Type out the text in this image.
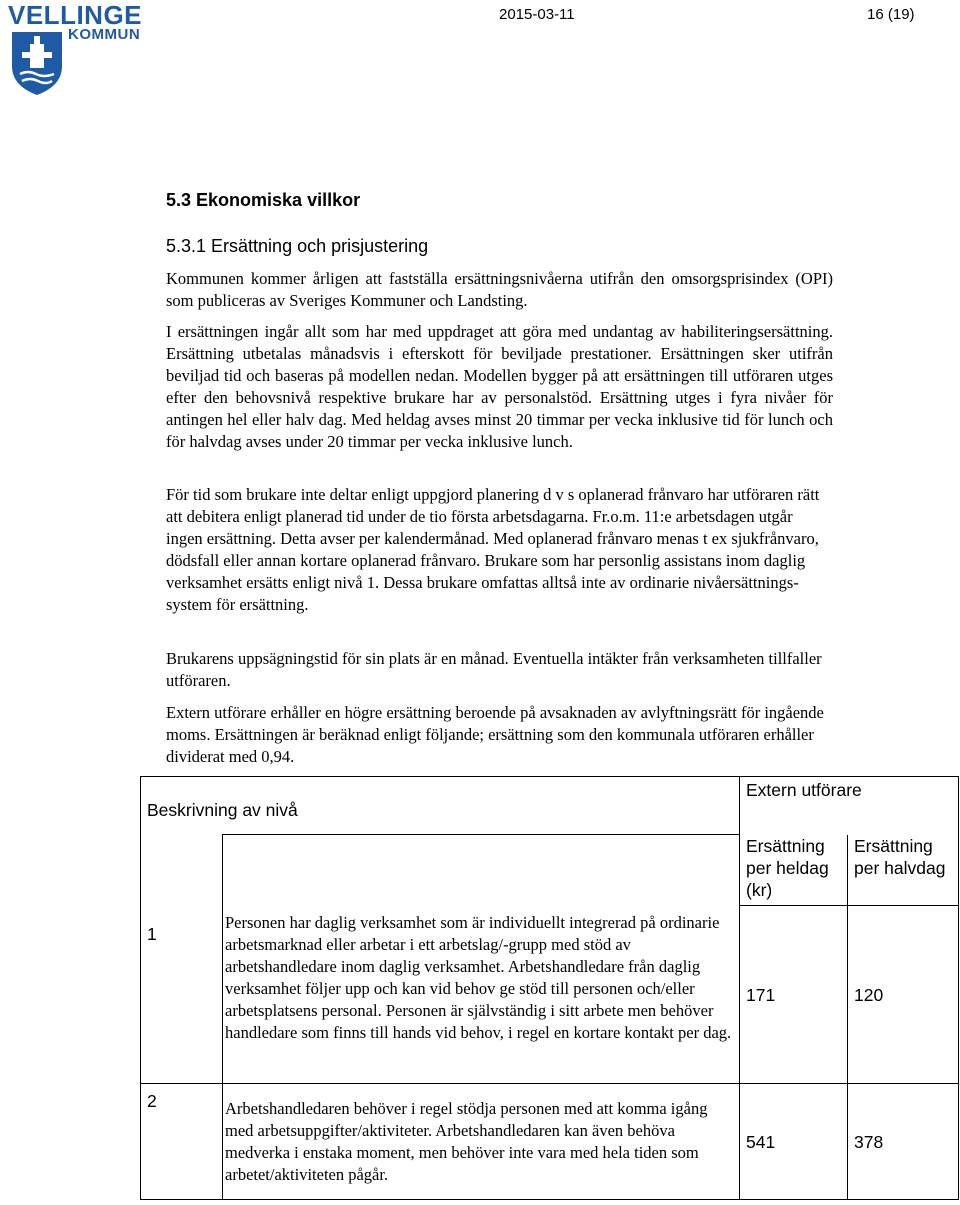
VELLINGE
KOMMUN
2015-03-11	16 (19)
5.3 Ekonomiska villkor
5.3.1 Ersättning och prisjustering

Kommunen kommer årligen att fastställa ersättningsnivåerna utifrån den omsorgsprisindex (OPI) som publiceras av Sveriges Kommuner och Landsting.

I ersättningen ingår allt som har med uppdraget att göra med undantag av habiliteringsersättning. Ersättning utbetalas månadsvis i efterskott för beviljade prestationer. Ersättningen sker utifrån beviljad tid och baseras på modellen nedan. Modellen bygger på att ersättningen till utföraren utges efter den behovsnivå respektive brukare har av personalstöd. Ersättning utges i fyra nivåer för antingen hel eller halv dag. Med heldag avses minst 20 timmar per vecka inklusive tid för lunch och för halvdag avses under 20 timmar per vecka inklusive lunch.

För tid som brukare inte deltar enligt uppgjord planering d v s oplanerad frånvaro har utföraren rätt att debitera enligt planerad tid under de tio första arbetsdagarna. Fr.o.m. 11:e arbetsdagen utgår ingen ersättning. Detta avser per kalendermånad. Med oplanerad frånvaro menas t ex sjukfrånvaro, dödsfall eller annan kortare oplanerad frånvaro. Brukare som har personlig assistans inom daglig verksamhet ersätts enligt nivå 1. Dessa brukare omfattas alltså inte av ordinarie nivåersättnings-system för ersättning.

Brukarens uppsägningstid för sin plats är en månad. Eventuella intäkter från verksamheten tillfaller utföraren.

Extern utförare erhåller en högre ersättning beroende på avsaknaden av avlyftningsrätt för ingående moms. Ersättningen är beräknad enligt följande; ersättning som den kommunala utföraren erhåller dividerat med 0,94.

Beskrivning av nivå		Extern utförare	

		Ersättning per heldag (kr)	Ersättning per halvdag

1	Personen har daglig verksamhet som är individuellt integrerad på ordinarie arbetsmarknad eller arbetar i ett arbetslag/-grupp med stöd av arbetshandledare inom daglig verksamhet. Arbetshandledare från daglig verksamhet följer upp och kan vid behov ge stöd till personen och/eller arbetsplatsens personal. Personen är självständig i sitt arbete men behöver handledare som finns till hands vid behov, i regel en kortare kontakt per dag.	171	120

2	Arbetshandledaren behöver i regel stödja personen med att komma igång med arbetsuppgifter/aktiviteter. Arbetshandledaren kan även behöva medverka i enstaka moment, men behöver inte vara med hela tiden som arbetet/aktiviteten pågår.	541	378
